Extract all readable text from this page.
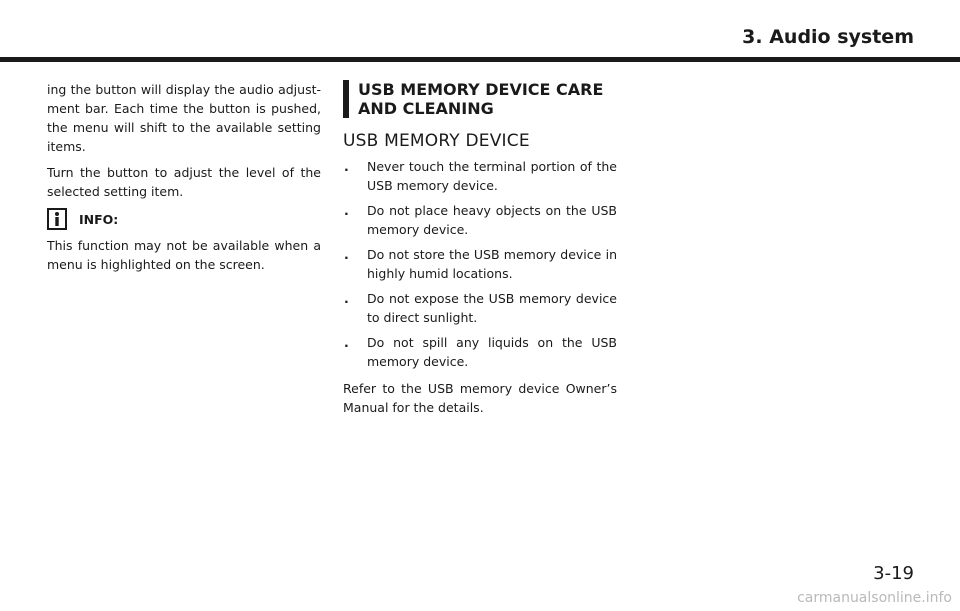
3. Audio system

ing the button will display the audio adjust-ment bar. Each time the button is pushed, the menu will shift to the available setting items.

Turn the button to adjust the level of the selected setting item.

INFO:

This function may not be available when a menu is highlighted on the screen.

USB MEMORY DEVICE CARE AND CLEANING
USB MEMORY DEVICE
.	Never touch the terminal portion of the USB memory device.
.	Do not place heavy objects on the USB memory device.
.	Do not store the USB memory device in highly humid locations.
.	Do not expose the USB memory device to direct sunlight.
.	Do not spill any liquids on the USB memory device.

Refer to the USB memory device Owner’s Manual for the details.

3-19
carmanualsonline.info
